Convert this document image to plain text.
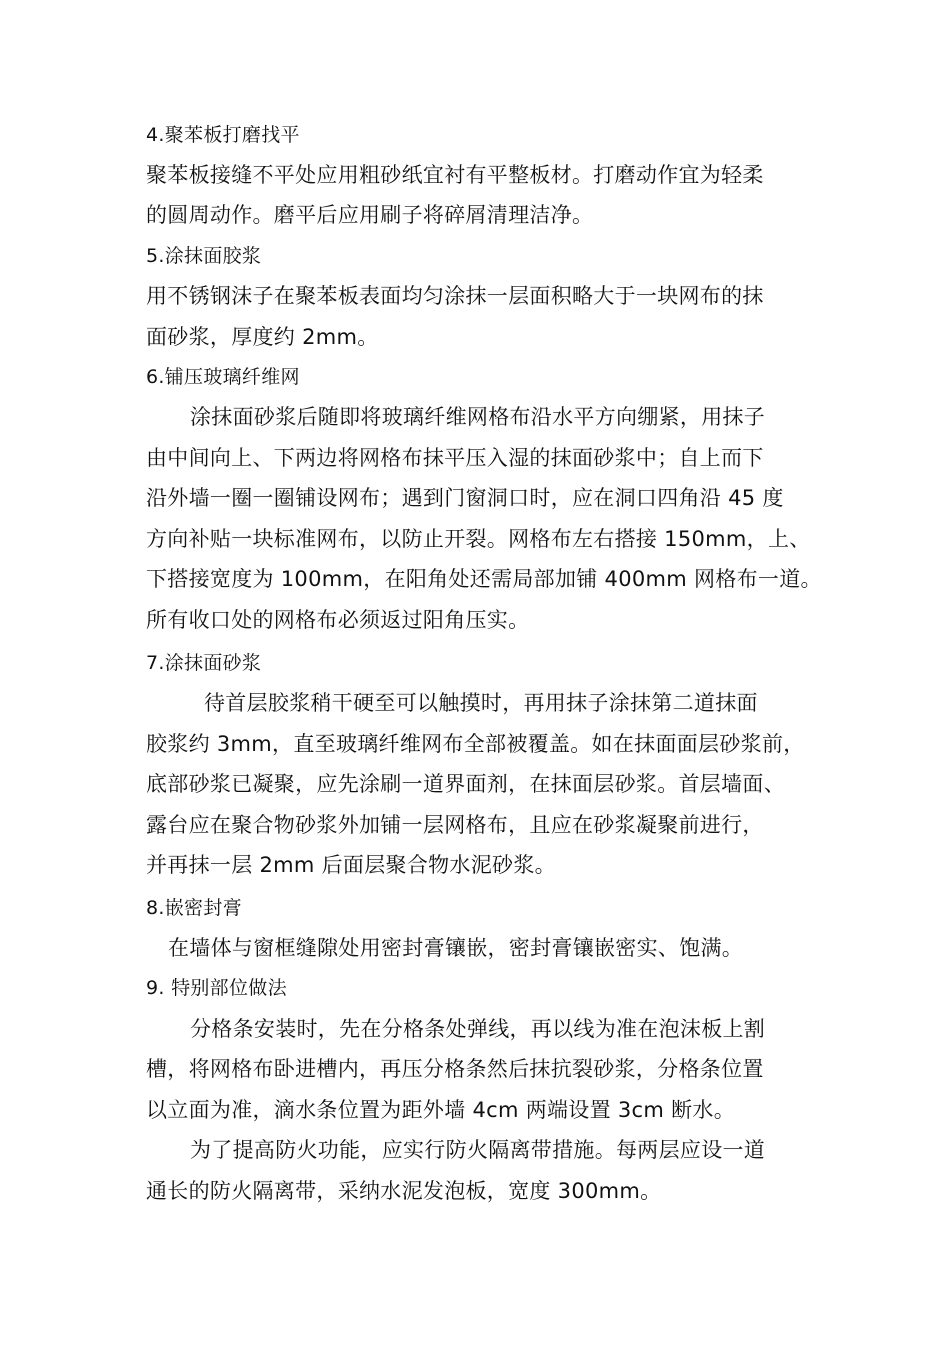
4.聚苯板打磨找平
聚苯板接缝不平处应用粗砂纸宜衬有平整板材。打磨动作宜为轻柔
的圆周动作。磨平后应用刷子将碎屑清理洁净。
5.涂抹面胶浆
用不锈钢沫子在聚苯板表面均匀涂抹一层面积略大于一块网布的抹
面砂浆，厚度约 2mm。
6.铺压玻璃纤维网
涂抹面砂浆后随即将玻璃纤维网格布沿水平方向绷紧，用抹子
由中间向上、下两边将网格布抹平压入湿的抹面砂浆中；自上而下
沿外墙一圈一圈铺设网布；遇到门窗洞口时，应在洞口四角沿 45 度
方向补贴一块标准网布，以防止开裂。网格布左右搭接 150mm，上、
下搭接宽度为 100mm，在阳角处还需局部加铺 400mm 网格布一道。
所有收口处的网格布必须返过阳角压实。
7.涂抹面砂浆
待首层胶浆稍干硬至可以触摸时，再用抹子涂抹第二道抹面
胶浆约 3mm，直至玻璃纤维网布全部被覆盖。如在抹面面层砂浆前，
底部砂浆已凝聚，应先涂刷一道界面剂，在抹面层砂浆。首层墙面、
露台应在聚合物砂浆外加铺一层网格布，且应在砂浆凝聚前进行，
并再抹一层 2mm 后面层聚合物水泥砂浆。
8.嵌密封膏
在墙体与窗框缝隙处用密封膏镶嵌，密封膏镶嵌密实、饱满。
9. 特别部位做法
分格条安装时，先在分格条处弹线，再以线为准在泡沫板上割
槽，将网格布卧进槽内，再压分格条然后抹抗裂砂浆，分格条位置
以立面为准，滴水条位置为距外墙 4cm 两端设置 3cm 断水。
为了提高防火功能，应实行防火隔离带措施。每两层应设一道
通长的防火隔离带，采纳水泥发泡板，宽度 300mm。
